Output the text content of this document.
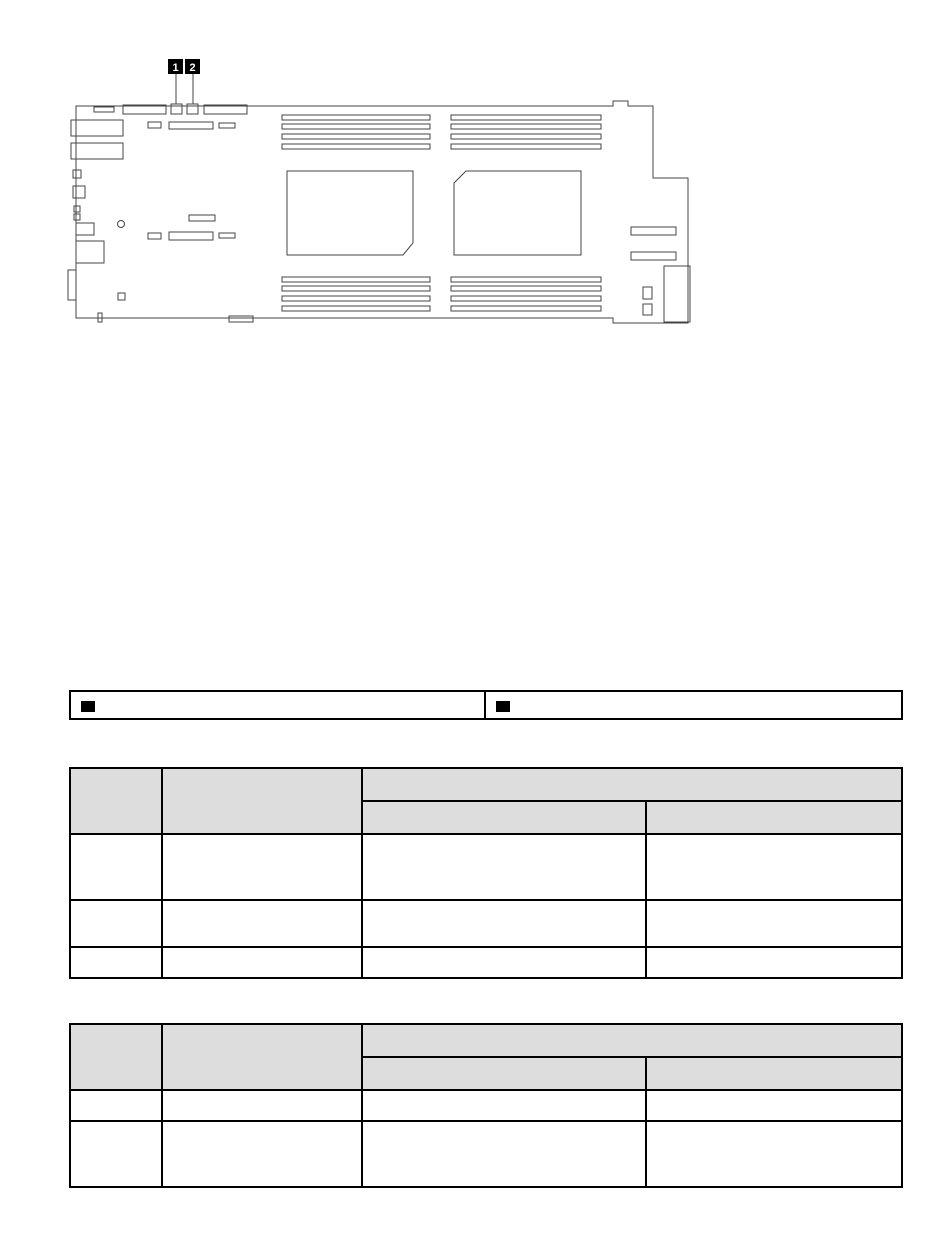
1 2
